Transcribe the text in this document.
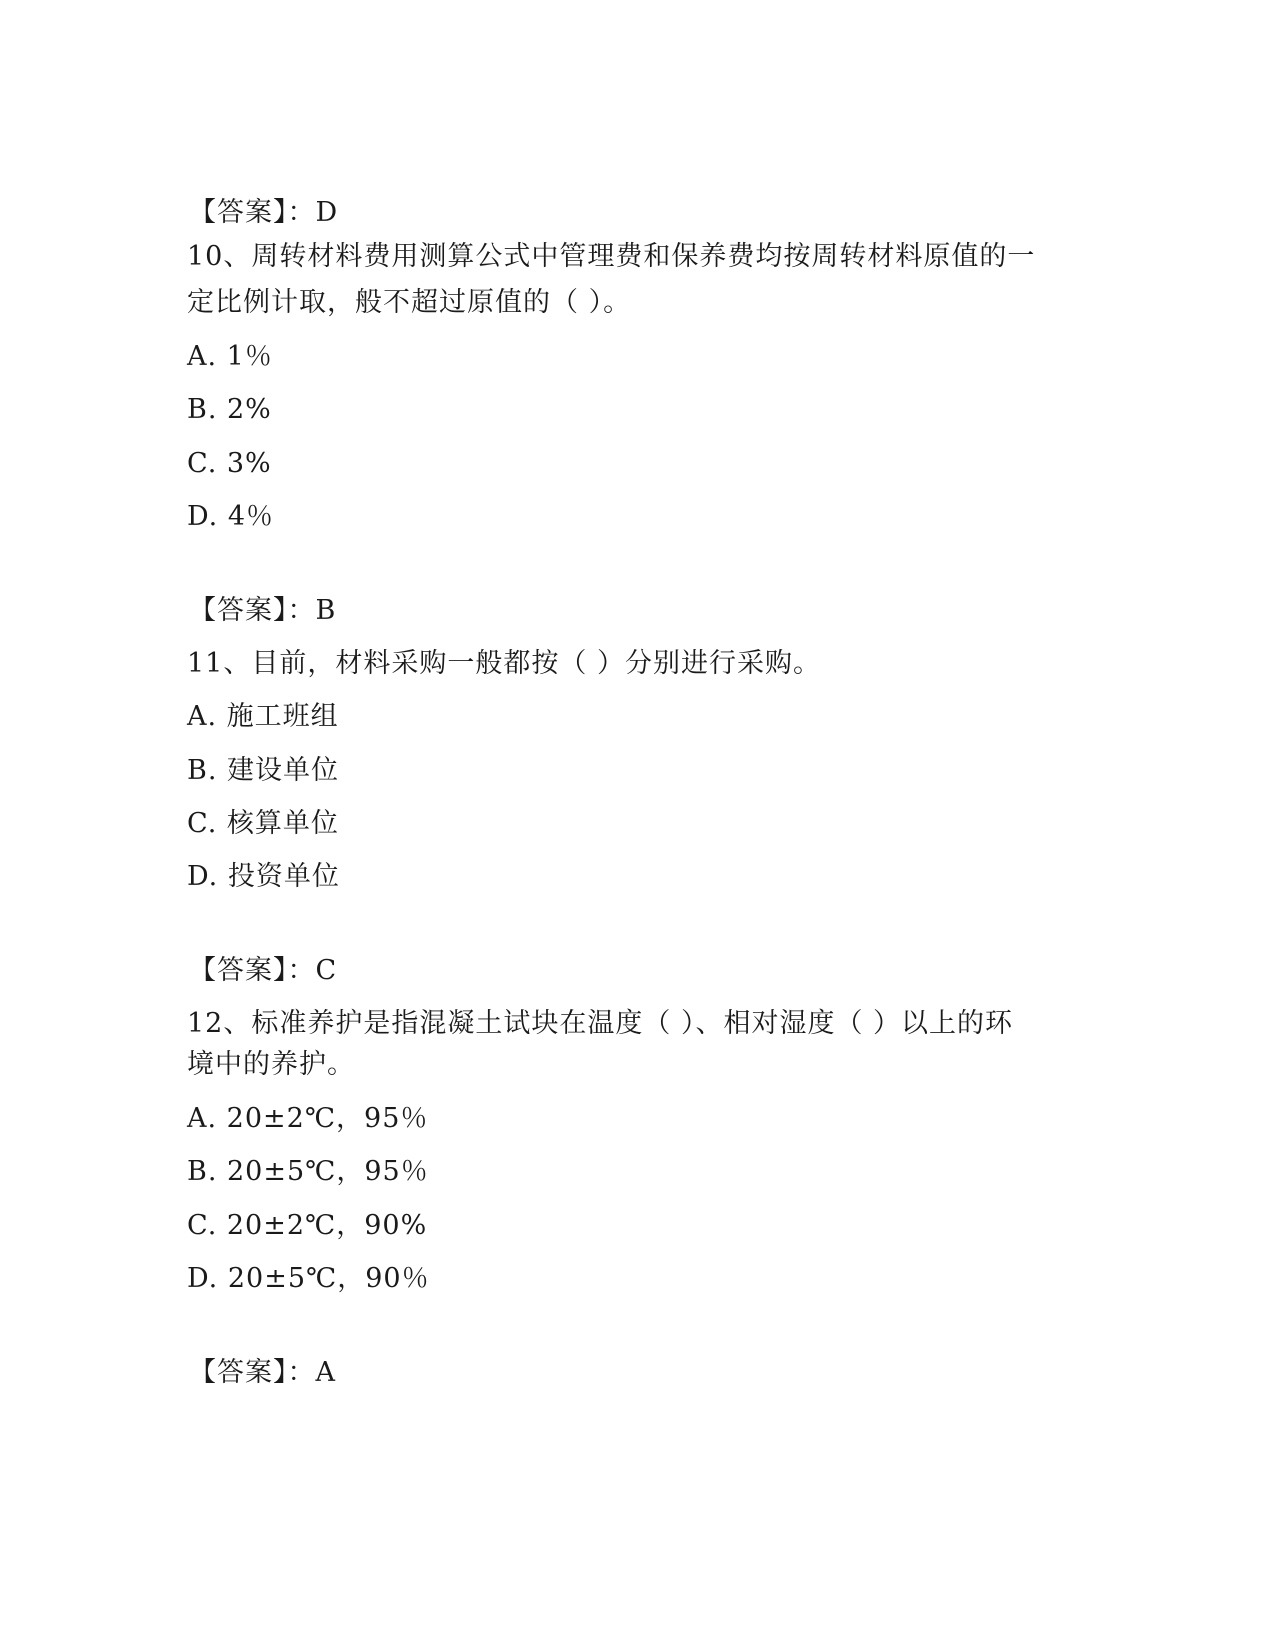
【答案】：D
10、周转材料费用测算公式中管理费和保养费均按周转材料原值的一
定比例计取，般不超过原值的（ ）。
A. 1％
B. 2%
C. 3%
D. 4％
【答案】：B
11、目前，材料采购一般都按（ ）分别进行采购。
A. 施工班组
B. 建设单位
C. 核算单位
D. 投资单位
【答案】：C
12、标准养护是指混凝土试块在温度（ ）、相对湿度（ ）以上的环
境中的养护。
A. 20±2℃，95％
B. 20±5℃，95％
C. 20±2℃，90%
D. 20±5℃，90％
【答案】：A
